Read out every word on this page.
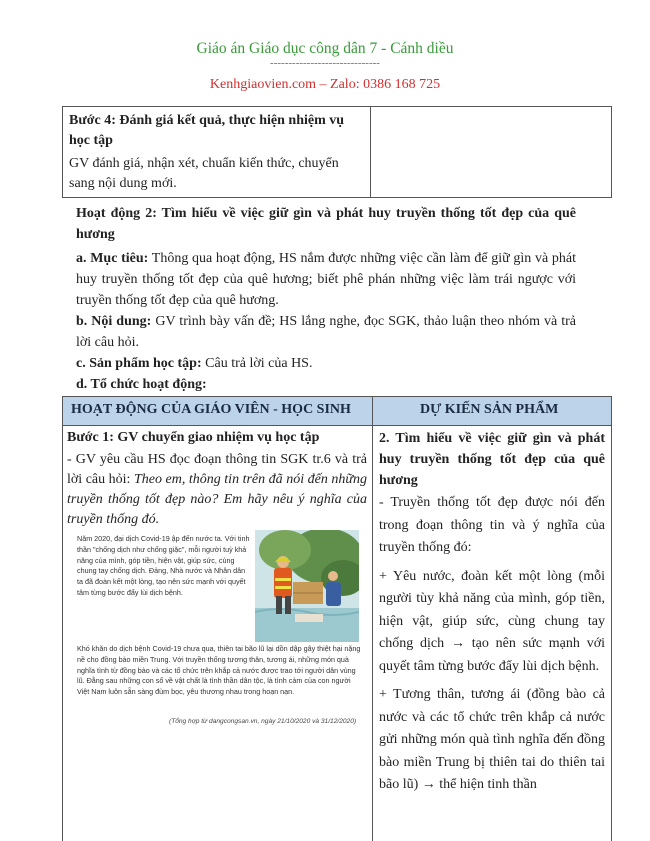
Giáo án Giáo dục công dân 7 - Cánh diều
------------------------------
Kenhgiaovien.com – Zalo: 0386 168 725
Bước 4: Đánh giá kết quả, thực hiện nhiệm vụ học tập
GV đánh giá, nhận xét, chuẩn kiến thức, chuyển sang nội dung mới.
Hoạt động 2: Tìm hiểu về việc giữ gìn và phát huy truyền thống tốt đẹp của quê hương
a. Mục tiêu: Thông qua hoạt động, HS nắm được những việc cần làm để giữ gìn và phát huy truyền thống tốt đẹp của quê hương; biết phê phán những việc làm trái ngược với truyền thống tốt đẹp của quê hương.
b. Nội dung: GV trình bày vấn đề; HS lắng nghe, đọc SGK, thảo luận theo nhóm và trả lời câu hỏi.
c. Sản phẩm học tập: Câu trả lời của HS.
d. Tổ chức hoạt động:
HOẠT ĐỘNG CỦA GIÁO VIÊN - HỌC SINH	DỰ KIẾN SẢN PHẨM
Bước 1: GV chuyển giao nhiệm vụ học tập
- GV yêu cầu HS đọc đoạn thông tin SGK tr.6 và trả lời câu hỏi: Theo em, thông tin trên đã nói đến những truyền thống tốt đẹp nào? Em hãy nêu ý nghĩa của truyền thống đó.
Năm 2020, đại dịch Covid-19 ập đến nước ta. Với tinh thần "chống dịch như chống giặc", mỗi người tuỳ khả năng của mình, góp tiền, hiện vật, giúp sức, cùng chung tay chống dịch. Đảng, Nhà nước và Nhân dân ta đã đoàn kết một lòng, tạo nên sức mạnh với quyết tâm từng bước đẩy lùi dịch bệnh.
Khó khăn do dịch bệnh Covid-19 chưa qua, thiên tai bão lũ lại dồn dập gây thiệt hại nặng nề cho đồng bào miền Trung. Với truyền thống tương thân, tương ái, những món quà nghĩa tình từ đồng bào và các tổ chức trên khắp cả nước được trao tới người dân vùng lũ. Đằng sau những con số về vật chất là tình thần dân tộc, là tình cảm của con người Việt Nam luôn sẵn sàng đùm bọc, yêu thương nhau trong hoạn nạn.
(Tổng hợp từ dangcongsan.vn, ngày 21/10/2020 và 31/12/2020)
2. Tìm hiểu về việc giữ gìn và phát huy truyền thống tốt đẹp của quê hương
- Truyền thống tốt đẹp được nói đến trong đoạn thông tin và ý nghĩa của truyền thống đó:
+ Yêu nước, đoàn kết một lòng (mỗi người tùy khả năng của mình, góp tiền, hiện vật, giúp sức, cùng chung tay chống dịch → tạo nên sức mạnh với quyết tâm từng bước đẩy lùi dịch bệnh.
+ Tương thân, tương ái (đồng bào cả nước và các tổ chức trên khắp cả nước gửi những món quà tình nghĩa đến đồng bào miền Trung bị thiên tai do thiên tai bão lũ) → thể hiện tinh thần
